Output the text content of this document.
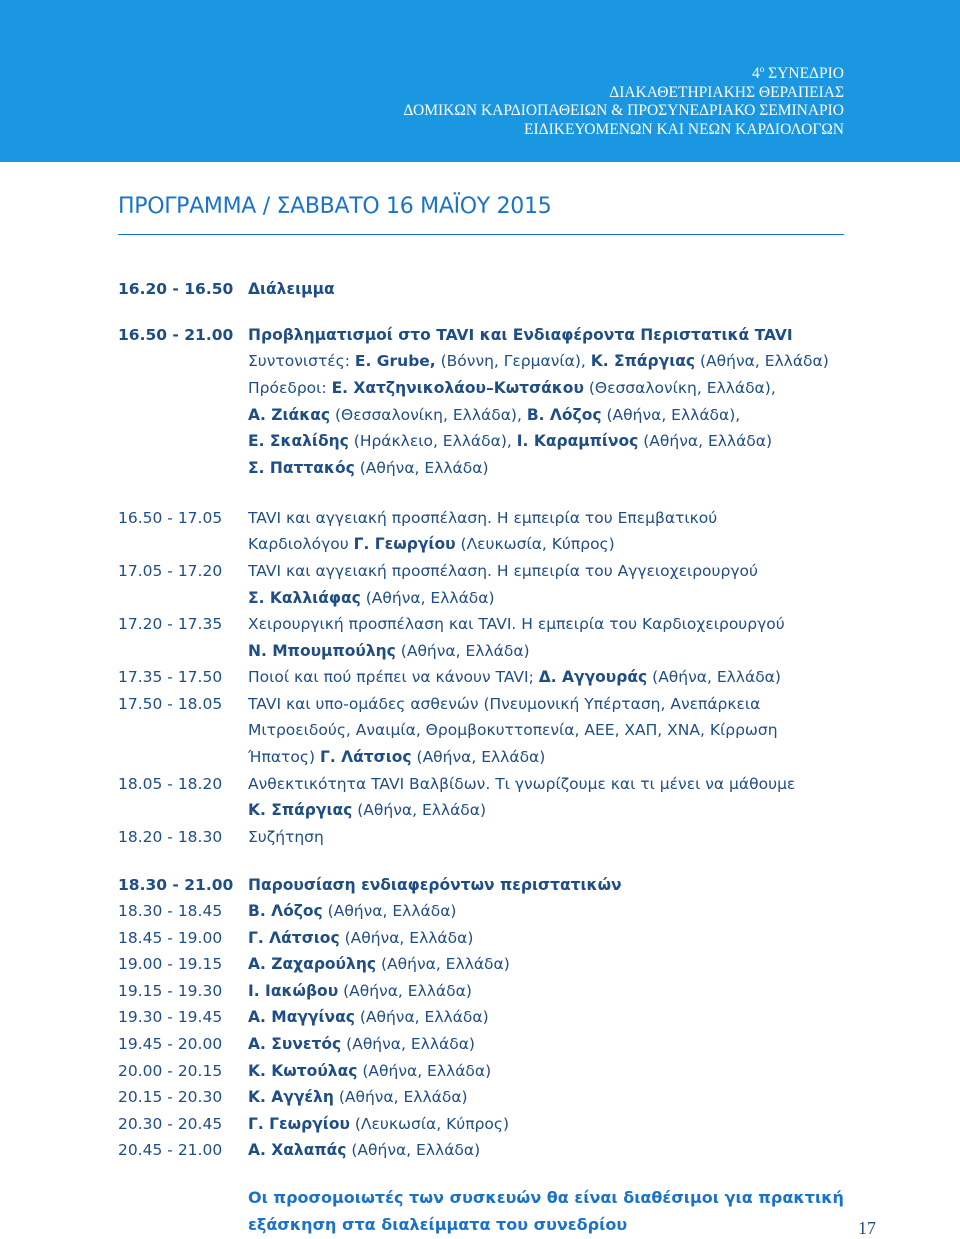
$4^o$ ΣΥΝΕΔΡΙΟ
ΔΙΑΚΑΘΕΤΗΡΙΑΚΗΣ ΘΕΡΑΠΕΙΑΣ
ΔΟΜΙΚΩΝ ΚΑΡΔΙΟΠΑΘΕΙΩΝ & ΠΡΟΣΥΝΕΔΡΙΑΚΟ ΣΕΜΙΝΑΡΙΟ
ΕΙΔΙΚΕΥΟΜΕΝΩΝ ΚΑΙ ΝΕΩΝ ΚΑΡΔΙΟΛΟΓΩΝ
ΠΡΟΓΡΑΜΜΑ / ΣΑΒΒΑΤΟ 16 ΜΑΪΟΥ 2015
16.20 - 16.50 Διάλειμμα
16.50 - 21.00 Προβληματισμοί στο TAVI και Ενδιαφέροντα Περιστατικά TAVI
Συντονιστές: E. Grube, (Βόννη, Γερμανία), Κ. Σπάργιας (Αθήνα, Ελλάδα)
Πρόεδροι: Ε. Χατζηνικολάου–Κωτσάκου (Θεσσαλονίκη, Ελλάδα),
Α. Ζιάκας (Θεσσαλονίκη, Ελλάδα), Β. Λόζος (Αθήνα, Ελλάδα),
Ε. Σκαλίδης (Ηράκλειο, Ελλάδα), Ι. Καραμπίνος (Αθήνα, Ελλάδα)
Σ. Παττακός (Αθήνα, Ελλάδα)
16.50 - 17.05 TAVI και αγγειακή προσπέλαση. Η εμπειρία του Επεμβατικού
Καρδιολόγου Γ. Γεωργίου (Λευκωσία, Κύπρος)
17.05 - 17.20 TAVI και αγγειακή προσπέλαση. Η εμπειρία του Αγγειοχειρουργού
Σ. Καλλιάφας (Αθήνα, Ελλάδα)
17.20 - 17.35 Χειρουργική προσπέλαση και TAVI. Η εμπειρία του Καρδιοχειρουργού
Ν. Μπουμπούλης (Αθήνα, Ελλάδα)
17.35 - 17.50 Ποιοί και πού πρέπει να κάνουν TAVI; Δ. Αγγουράς (Αθήνα, Ελλάδα)
17.50 - 18.05 TAVI και υπο-ομάδες ασθενών (Πνευμονική Υπέρταση, Ανεπάρκεια
Μιτροειδούς, Αναιμία, Θρομβοκυττοπενία, ΑΕΕ, ΧΑΠ, ΧΝΑ, Κίρρωση
Ήπατος) Γ. Λάτσιος (Αθήνα, Ελλάδα)
18.05 - 18.20 Ανθεκτικότητα TAVI Βαλβίδων. Τι γνωρίζουμε και τι μένει να μάθουμε
Κ. Σπάργιας (Αθήνα, Ελλάδα)
18.20 - 18.30 Συζήτηση
18.30 - 21.00 Παρουσίαση ενδιαφερόντων περιστατικών
18.30 - 18.45 Β. Λόζος (Αθήνα, Ελλάδα)
18.45 - 19.00 Γ. Λάτσιος (Αθήνα, Ελλάδα)
19.00 - 19.15 Α. Ζαχαρούλης (Αθήνα, Ελλάδα)
19.15 - 19.30 Ι. Ιακώβου (Αθήνα, Ελλάδα)
19.30 - 19.45 Α. Μαγγίνας (Αθήνα, Ελλάδα)
19.45 - 20.00 Α. Συνετός (Αθήνα, Ελλάδα)
20.00 - 20.15 Κ. Κωτούλας (Αθήνα, Ελλάδα)
20.15 - 20.30 Κ. Αγγέλη (Αθήνα, Ελλάδα)
20.30 - 20.45 Γ. Γεωργίου (Λευκωσία, Κύπρος)
20.45 - 21.00 Α. Χαλαπάς (Αθήνα, Ελλάδα)
Οι προσομοιωτές των συσκευών θα είναι διαθέσιμοι για πρακτική
εξάσκηση στα διαλείμματα του συνεδρίου	17
